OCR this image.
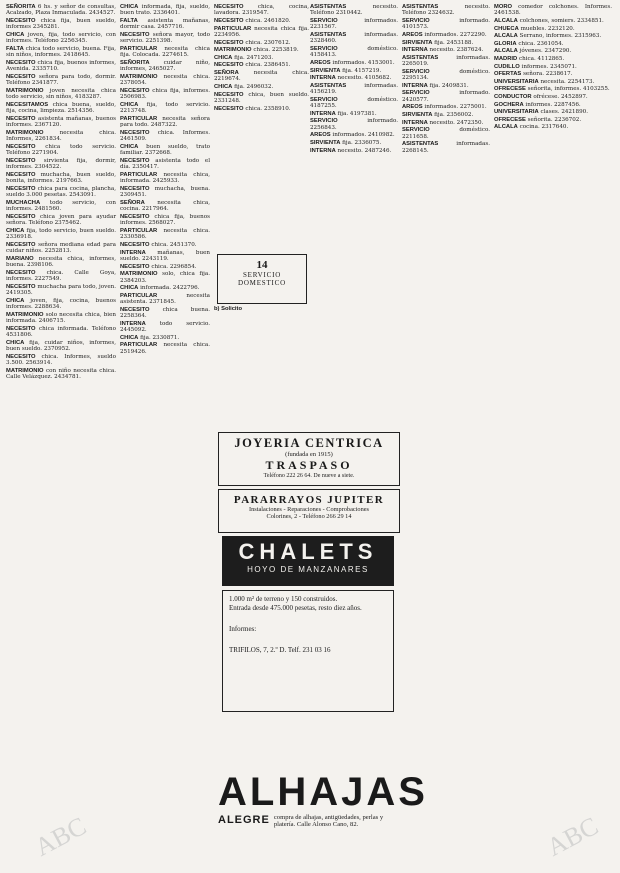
SEÑORITA 6 hs. y señor de consultas, Acalzado, Plaza Inmaculada. 2434527.

NECESITO chica fija, buen sueldo, informes 2345281.

CHICA joven, fija, todo servicio, con informes. Teléfono 2256345.

FALTA chica todo servicio, buena. Fija, sin niños, informes. 2418645.

NECESITO chica fija, buenos informes, Avenida. 2335710.

NECESITO señora para todo, dormir. Teléfono 2341877.

MATRIMONIO joven necesita chica todo servicio, sin niños, 4183287.

NECESITAMOS chica buena, sueldo, fija, cocina, limpieza. 2514356.

NECESITO asistenta mañanas, buenos informes. 2367120.

MATRIMONIO	necesita chica. Informes, 2261834.

NECESITO chica todo servicio. Teléfono 2271904.

NECESITO sirvienta fija, dormir, informes. 2304522.

NECESITO muchacha, buen sueldo, bonita, informes. 2197663.

NECESITO chica para cocina, plancha, sueldo 3.000 pesetas. 2543091.

MUCHACHA todo servicio, con informes. 2481560.

NECESITO chica joven para ayudar señora. Teléfono 2375462.

CHICA fija, todo servicio, buen sueldo. 2336918.

NECESITO señora mediana edad para cuidar niños. 2252813.

MARIANO necesita chica, informes, buena. 2398106.

NECESITO chica. Calle Goya, informes. 2227549.

NECESITO muchacha para todo, joven. 2419305.

CHICA joven, fija, cocina, buenos informes. 2288634.

MATRIMONIO solo necesita chica, bien informada. 2406715.

NECESITO chica informada. Teléfono 4531806.

CHICA fija, cuidar niños, informes, buen sueldo. 2370952.

NECESITO chica. Informes, sueldo 3.500. 2563914.

MATRIMONIO con niño necesita chica. Calle Velázquez. 2434781.

CHICA informada, fija, sueldo, buen trato. 2336401.

FALTA asistenta mañanas, dormir casa. 2457716.

NECESITO señora mayor, todo servicio. 2251398.

PARTICULAR necesita chica fija. Colocada. 2274615.

SEÑORITA	cuidar niño, informes, 2465027.

MATRIMONIO necesita chica. 2378054.

NECESITO chica fija, informes. 2506983.

CHICA fija, todo servicio. 2213748.

PARTICULAR necesita señora para todo. 2487322.

NECESITO chica. Informes. 2461509.

CHICA buen sueldo, trato familiar. 2372668.

NECESITO asistenta todo el día. 2350417.

PARTICULAR necesita chica, informada. 2425933.

NECESITO muchacha, buena. 2309451.

SEÑORA necesita chica, cocina. 2217964.

NECESITO chica fija, buenos informes. 2568027.

PARTICULAR necesita chica. 2330586.

NECESITO chica. 2451370.

INTERNA mañanas, buen sueldo. 2243119.

NECESITO chica. 2296854.

MATRIMONIO solo, chica fija. 2384203.

CHICA informada. 2422796.

PARTICULAR	necesita asistenta. 2371845.

NECESITO chica buena. 2258364.

INTERNA todo servicio. 2445092.

CHICA fija. 2330871.

PARTICULAR necesita chica. 2519426.

NECESITO	chica, cocina, lavadora. 2319547.

NECESITO chica. 2461820.

PARTICULAR necesita chica fija. 2234956.

NECESITO chica. 2307612.

MATRIMONIO chica. 2253819.

CHICA fija. 2471203.

NECESITO chica. 2386451.

SEÑORA	necesita chica. 2219674.

CHICA fija. 2496032.

NECESITO chica, buen sueldo. 2331248.

NECESITO chica. 2358910.

14
SERVICIO
DOMESTICO

b) Solicito

ASISTENTAS	necesito. Teléfono 2310442.

SERVICIO	informados. 2231567.

ASISTENTAS	informadas. 2328460.

SERVICIO	doméstico. 4158413.

AREOS informados. 4153001.

SIRVIENTA fija. 4157219.

INTERNA necesito. 4105682.

ASISTENTAS	informadas. 4156219.

SERVICIO	doméstico. 4187255.

INTERNA fija. 4197381.

SERVICIO	informado. 2256843.

AREOS informados. 2410982.

SIRVIENTA fija. 2336075.

INTERNA necesito. 2487246.

ASISTENTAS	necesito. Teléfono 2324632.

SERVICIO	informado. 4101573.

AREOS informados. 2272290.

SIRVIENTA fija. 2453188.

INTERNA necesito. 2387624.

ASISTENTAS	informadas. 2265019.

SERVICIO	doméstico. 2295134.

INTERNA fija. 2409831.

SERVICIO	informado. 2420577.

AREOS informados. 2275001.

SIRVIENTA fija. 2356002.

INTERNA necesito. 2472350.

SERVICIO	doméstico. 2211658.

ASISTENTAS	informadas. 2268145.

MORO comedor colchones. Informes. 2461538.

ALCALA colchones, somiers. 2334851.

CHUECA muebles. 2232120.

ALCALA Serrano, informes. 2315963.

GLORIA chica. 2361054.

ALCALA jóvenes. 2347290.

MADRID chica. 4112865.

CUDILLO informes. 2345071.

OFERTAS señora. 2238617.

UNIVERSITARIA necesita. 2254173.

OFRECESE señorita, informes. 4103255.

CONDUCTOR ofrécese. 2452897.

GOCHERA informes. 2287456.

UNIVERSITARIA clases. 2421890.

OFRECESE señorita. 2236702.

ALCALA cocina. 2317640.

JOYERIA CENTRICA
(fundada en 1915)
TRASPASO
Teléfono 222 26 64. De nueve a siete.
PARARRAYOS JUPITER
Instalaciones - Reparaciones - Comprobaciones
Colorines, 2 - Teléfono 266 29 14
CHALETS
HOYO DE MANZANARES
1.000 m² de terreno y 150 construidos.
Entrada desde 475.000 pesetas, resto diez años.
Informes:
TRIFILOS, 7, 2.º D. Telf. 231 03 16
ALHAJAS
ALEGRE compra de alhajas, antigüedades, perlas y platería. Calle Alonso Cano, 82.
ABC	ABC
